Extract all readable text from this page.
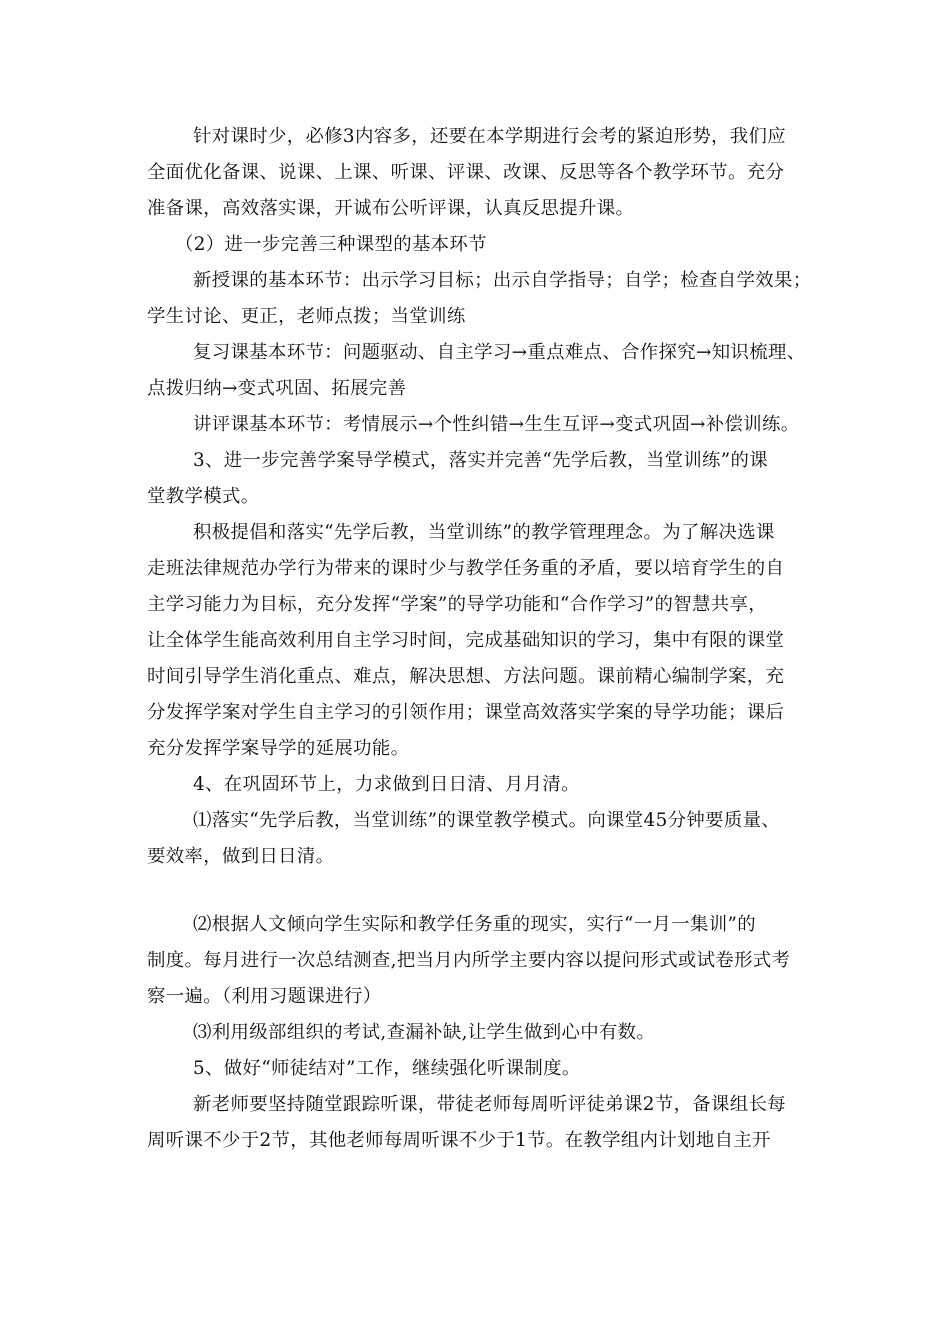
针对课时少，必修3内容多，还要在本学期进行会考的紧迫形势，我们应
全面优化备课、说课、上课、听课、评课、改课、反思等各个教学环节。充分
准备课，高效落实课，开诚布公听评课，认真反思提升课。
（2）进一步完善三种课型的基本环节
新授课的基本环节：出示学习目标；出示自学指导；自学；检查自学效果；
学生讨论、更正，老师点拨；当堂训练
复习课基本环节：问题驱动、自主学习→重点难点、合作探究→知识梳理、
点拨归纳→变式巩固、拓展完善
讲评课基本环节：考情展示→个性纠错→生生互评→变式巩固→补偿训练。
3、进一步完善学案导学模式，落实并完善“先学后教，当堂训练”的课
堂教学模式。
积极提倡和落实“先学后教，当堂训练”的教学管理理念。为了解决选课
走班法律规范办学行为带来的课时少与教学任务重的矛盾，要以培育学生的自
主学习能力为目标，充分发挥“学案”的导学功能和“合作学习”的智慧共享，
让全体学生能高效利用自主学习时间，完成基础知识的学习，集中有限的课堂
时间引导学生消化重点、难点，解决思想、方法问题。课前精心编制学案，充
分发挥学案对学生自主学习的引领作用；课堂高效落实学案的导学功能；课后
充分发挥学案导学的延展功能。
4、在巩固环节上，力求做到日日清、月月清。
⑴落实“先学后教，当堂训练”的课堂教学模式。向课堂45分钟要质量、
要效率，做到日日清。
⑵根据人文倾向学生实际和教学任务重的现实，实行“一月一集训”的
制度。每月进行一次总结测查,把当月内所学主要内容以提问形式或试卷形式考
察一遍。（利用习题课进行）
⑶利用级部组织的考试,查漏补缺,让学生做到心中有数。
5、做好“师徒结对”工作，继续强化听课制度。
新老师要坚持随堂跟踪听课，带徒老师每周听评徒弟课2节，备课组长每
周听课不少于2节，其他老师每周听课不少于1节。在教学组内计划地自主开
